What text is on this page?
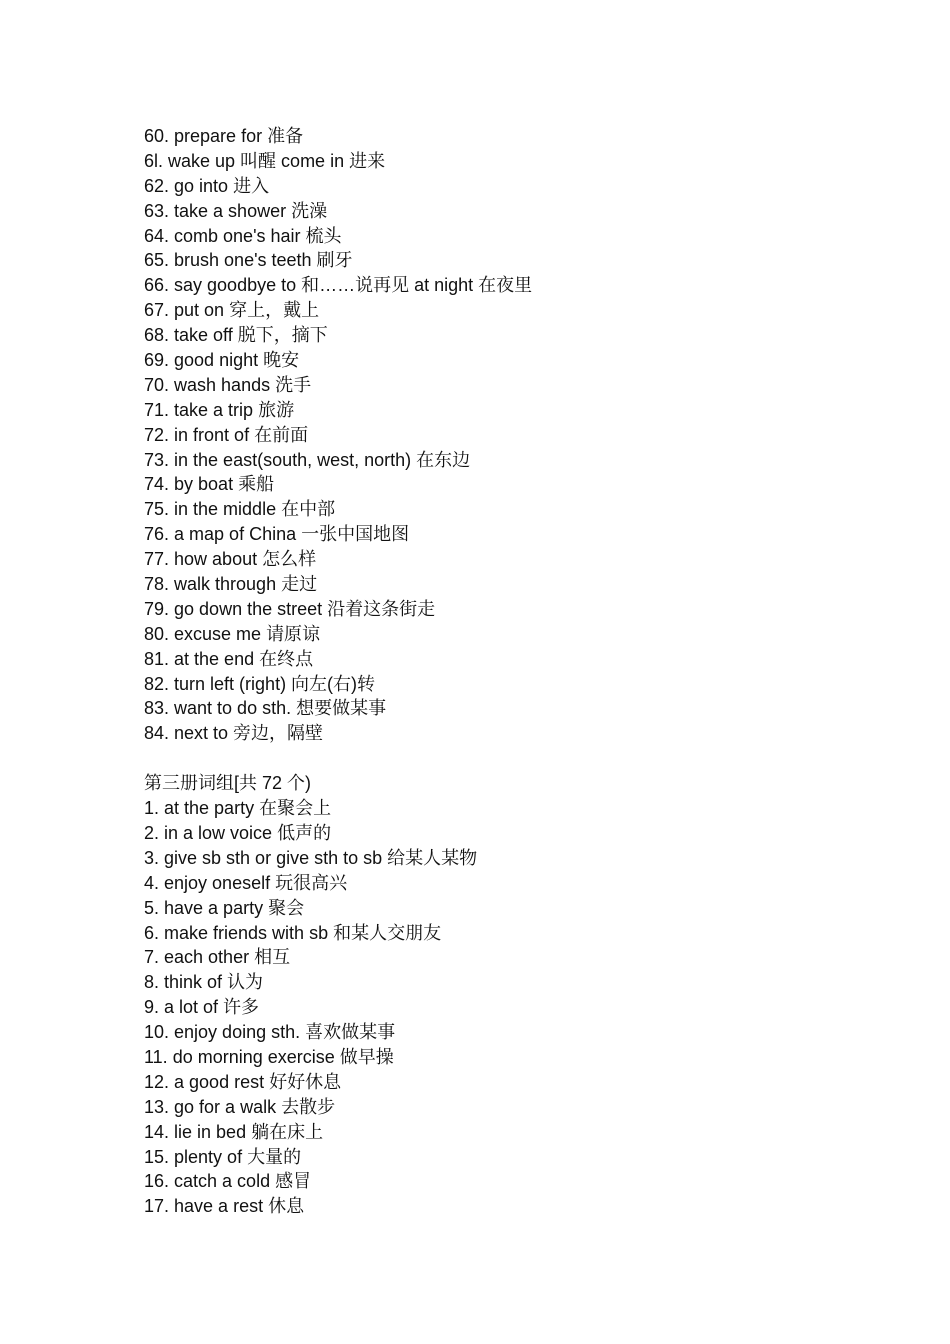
60. prepare for 准备
6l. wake up 叫醒 come in 进来
62. go into 进入
63. take a shower 洗澡
64. comb one's hair 梳头
65. brush one's teeth 刷牙
66. say goodbye to 和……说再见 at night 在夜里
67. put on 穿上，戴上
68. take off 脱下，摘下
69. good night 晚安
70. wash hands 洗手
71. take a trip 旅游
72. in front of 在前面
73. in the east(south, west, north) 在东边
74. by boat 乘船
75. in the middle 在中部
76. a map of China 一张中国地图
77. how about 怎么样
78. walk through 走过
79. go down the street 沿着这条街走
80. excuse me 请原谅
81. at the end 在终点
82. turn left (right) 向左(右)转
83. want to do sth. 想要做某事
84. next to 旁边，隔壁
第三册词组[共 72 个)
1. at the party 在聚会上
2. in a low voice 低声的
3. give sb sth or give sth to sb 给某人某物
4. enjoy oneself 玩很高兴
5. have a party 聚会
6. make friends with sb 和某人交朋友
7. each other 相互
8. think of 认为
9. a lot of 许多
10. enjoy doing sth. 喜欢做某事
11. do morning exercise 做早操
12. a good rest 好好休息
13. go for a walk 去散步
14. lie in bed 躺在床上
15. plenty of 大量的
16. catch a cold 感冒
17. have a rest 休息
